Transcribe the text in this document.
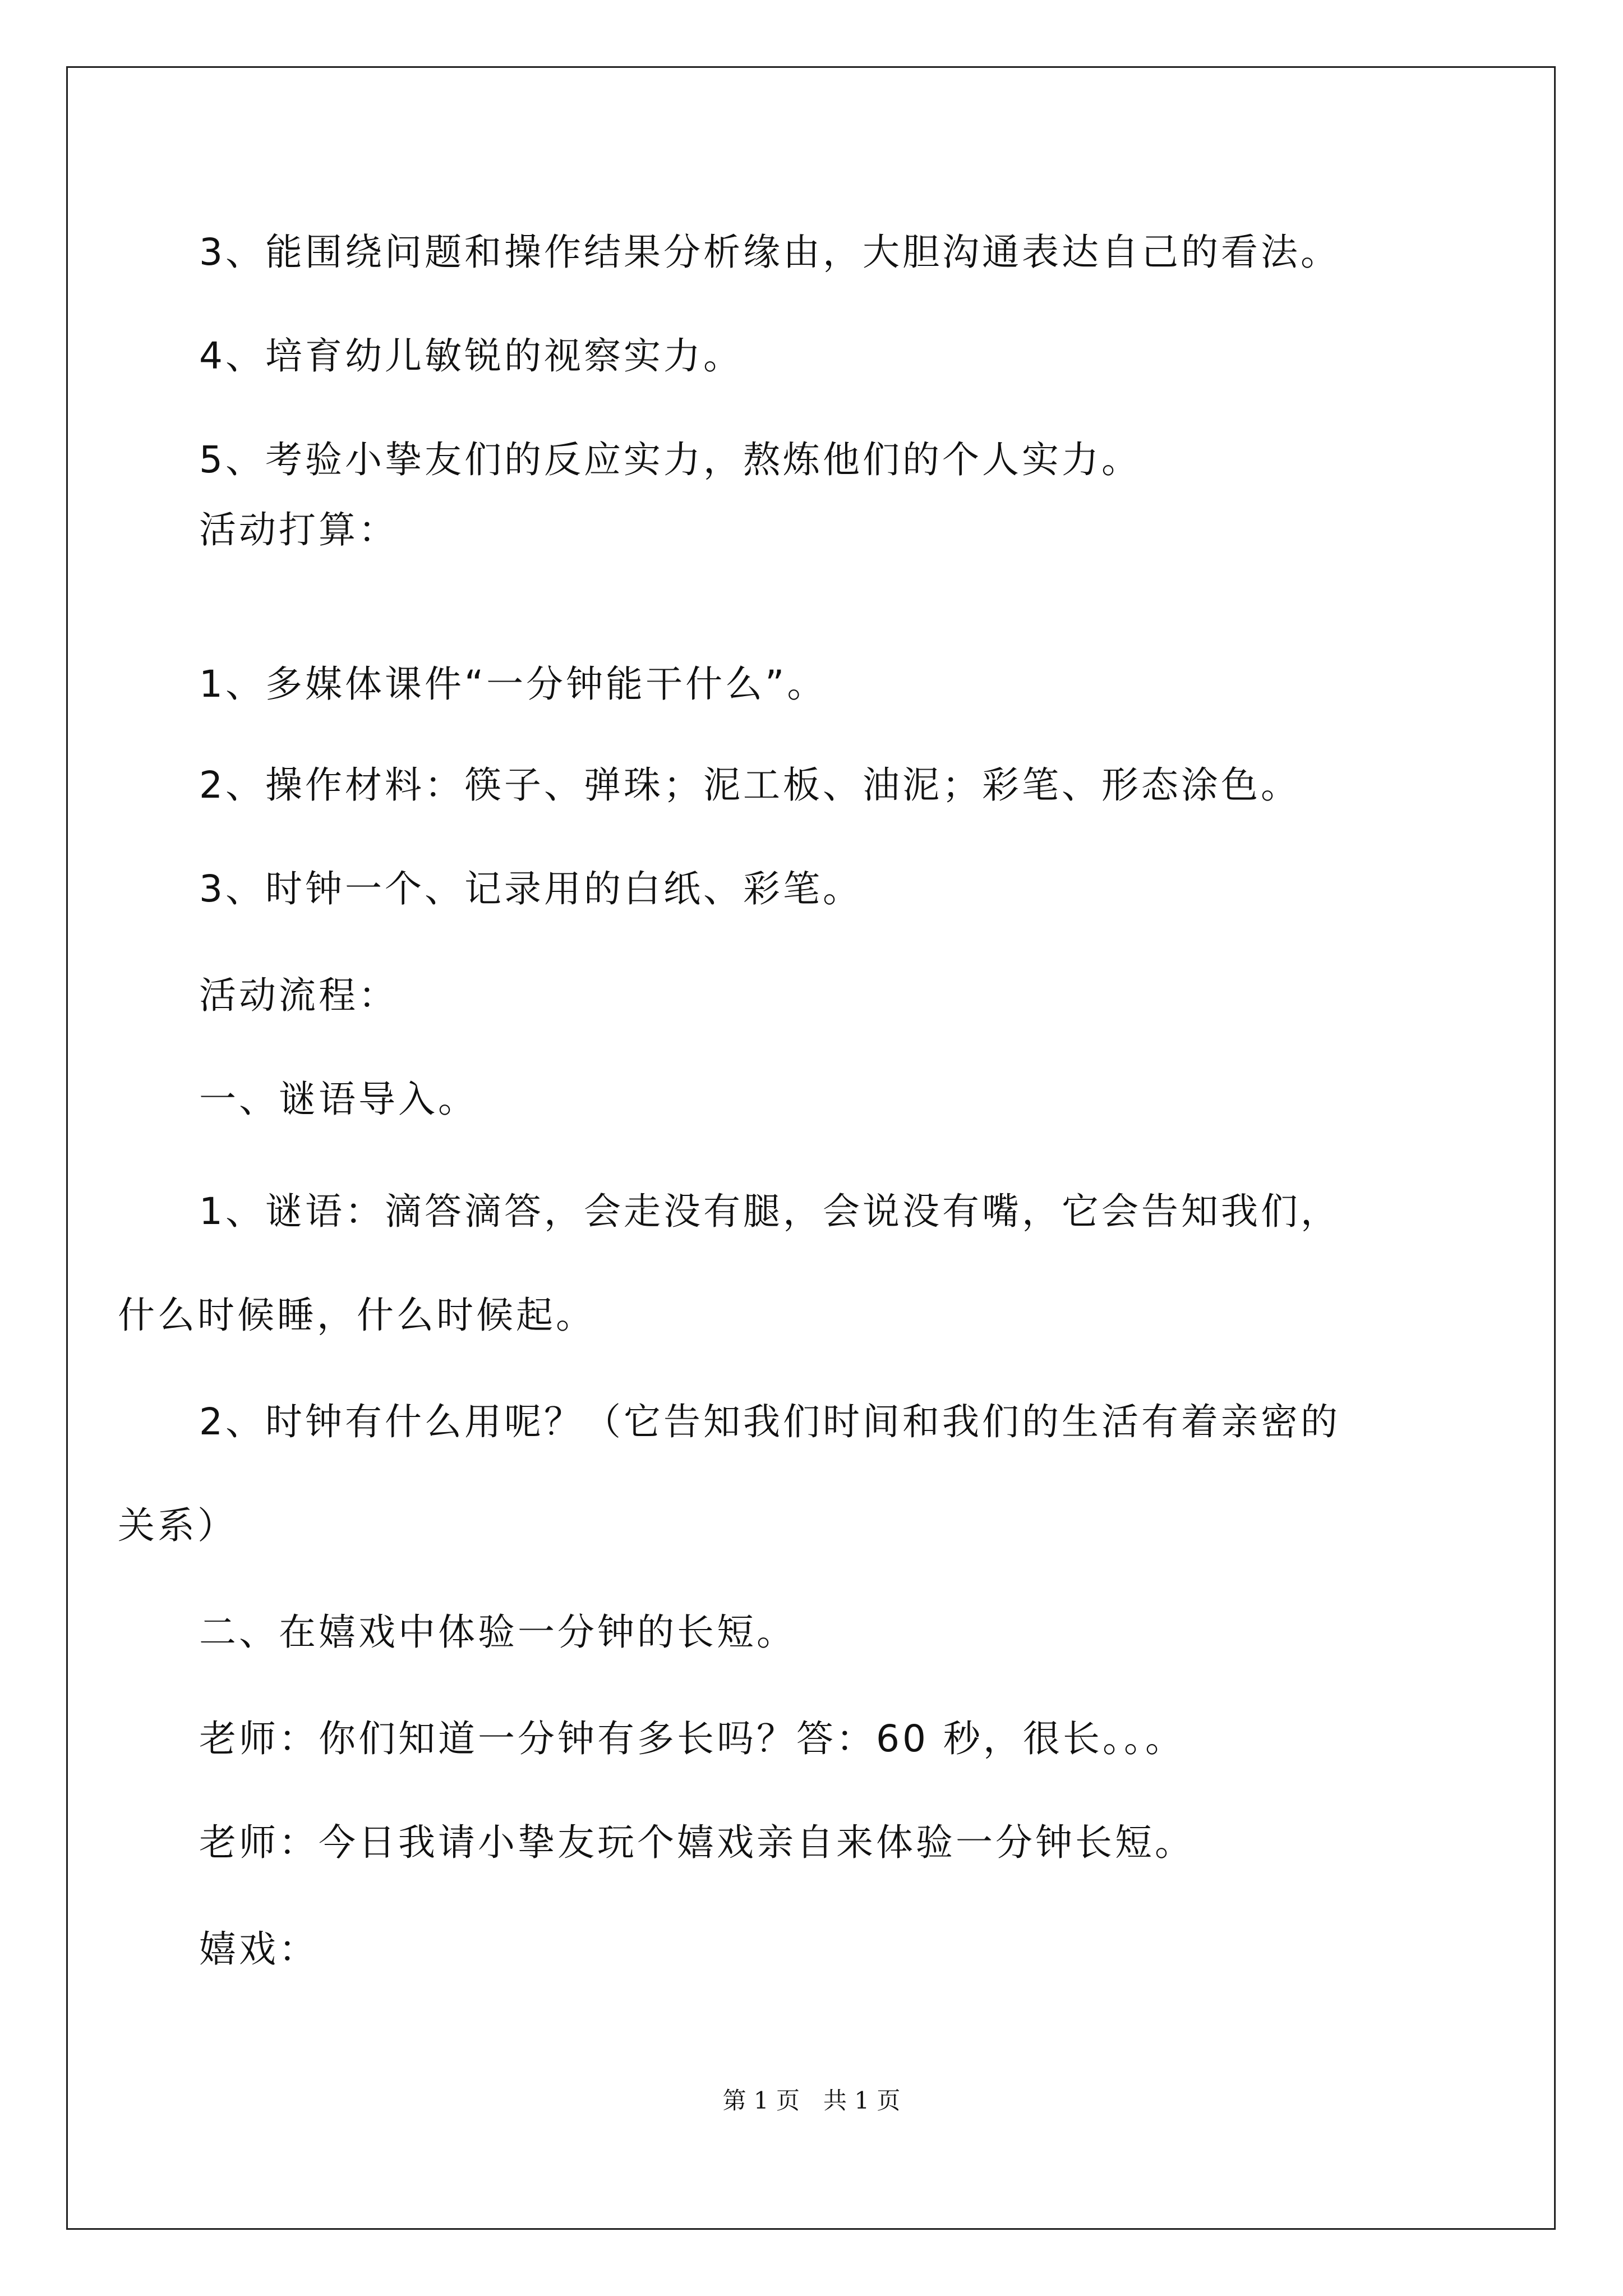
3、能围绕问题和操作结果分析缘由，大胆沟通表达自己的看法。
4、培育幼儿敏锐的视察实力。
5、考验小挚友们的反应实力，熬炼他们的个人实力。
活动打算：
1、多媒体课件“一分钟能干什么”。
2、操作材料：筷子、弹珠；泥工板、油泥；彩笔、形态涂色。
3、时钟一个、记录用的白纸、彩笔。
活动流程：
一、谜语导入。
1、谜语：滴答滴答，会走没有腿，会说没有嘴，它会告知我们，
什么时候睡，什么时候起。
2、时钟有什么用呢？（它告知我们时间和我们的生活有着亲密的
关系）
二、在嬉戏中体验一分钟的长短。
老师：你们知道一分钟有多长吗？答：60 秒，很长。。。
老师：今日我请小挚友玩个嬉戏亲自来体验一分钟长短。
嬉戏：
第 1 页　共 1 页
